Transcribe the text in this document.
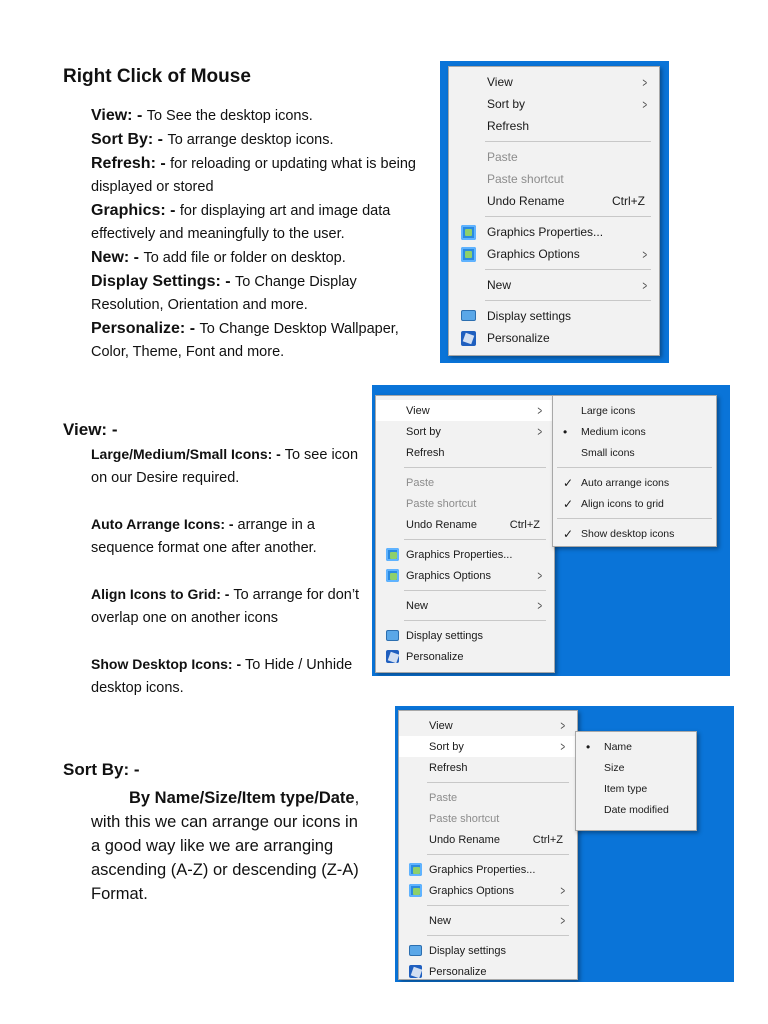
Right Click of Mouse
View: - To See the desktop icons.
Sort By: - To arrange desktop icons.
Refresh: - for reloading or updating what is being displayed or stored
Graphics: - for displaying art and image data effectively and meaningfully to the user.
New: - To add file or folder on desktop.
Display Settings: - To Change Display Resolution, Orientation and more.
Personalize: - To Change Desktop Wallpaper, Color, Theme, Font and more.
View: -
Large/Medium/Small Icons: - To see icon on our Desire required.
Auto Arrange Icons: - arrange in a sequence format one after another.
Align Icons to Grid: - To arrange for don’t overlap one on another icons
Show Desktop Icons: - To Hide / Unhide desktop icons.
Sort By: -
By Name/Size/Item type/Date, with this we can arrange our icons in a good way like we are arranging ascending (A-Z) or descending (Z-A) Format.
View	>
Sort by	>
Refresh
Paste
Paste shortcut
Undo Rename	Ctrl+Z
Graphics Properties...
Graphics Options	>
New	>
Display settings
Personalize
View	>
Sort by	>
Refresh
Paste
Paste shortcut
Undo Rename	Ctrl+Z
Graphics Properties...
Graphics Options	>
New	>
Display settings
Personalize
Large icons
• Medium icons
Small icons
✓ Auto arrange icons
✓ Align icons to grid
✓ Show desktop icons
View	>
Sort by	>
Refresh
Paste
Paste shortcut
Undo Rename	Ctrl+Z
Graphics Properties...
Graphics Options	>
New	>
Display settings
Personalize
• Name
Size
Item type
Date modified
